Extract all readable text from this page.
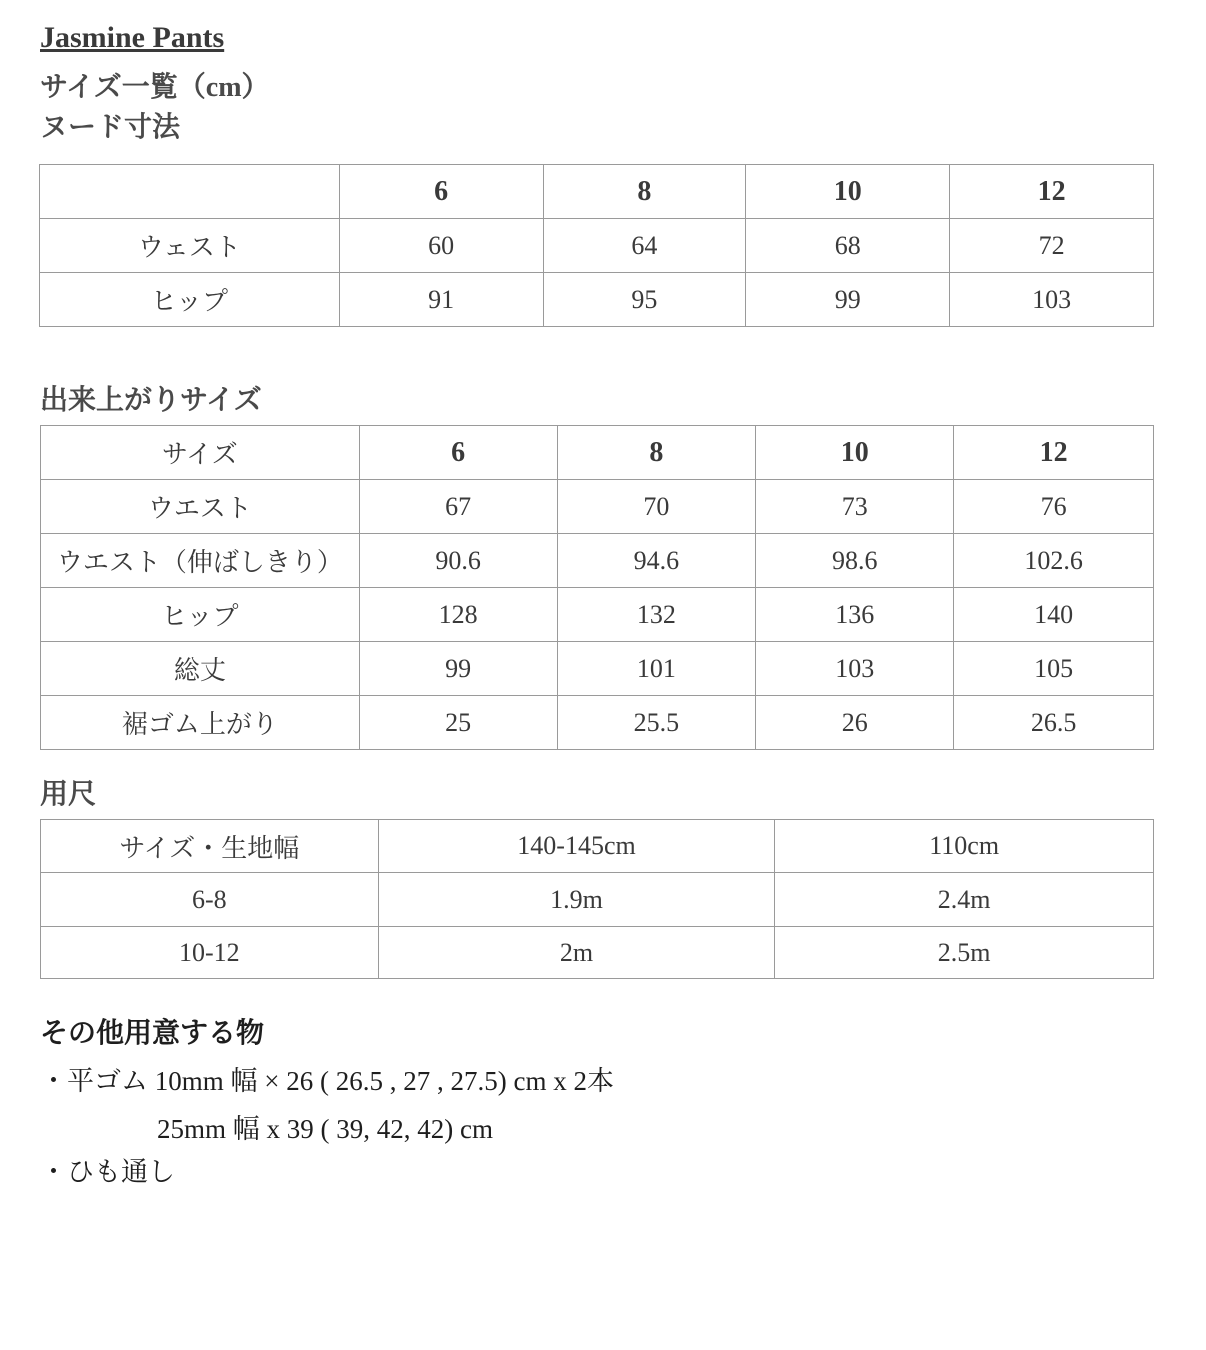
Jasmine Pants
サイズ一覧（cm）
ヌード寸法
	6	8	10	12
ウェスト	60	64	68	72
ヒップ	91	95	99	103
出来上がりサイズ
サイズ	6	8	10	12
ウエスト	67	70	73	76
ウエスト（伸ばしきり）	90.6	94.6	98.6	102.6
ヒップ	128	132	136	140
総丈	99	101	103	105
裾ゴム上がり	25	25.5	26	26.5
用尺
サイズ・生地幅	140-145cm	110cm
6-8	1.9m	2.4m
10-12	2m	2.5m
その他用意する物
・平ゴム 10mm 幅 × 26 ( 26.5 , 27 , 27.5) cm x 2本
25mm 幅 x 39 ( 39, 42, 42) cm
・ひも通し
